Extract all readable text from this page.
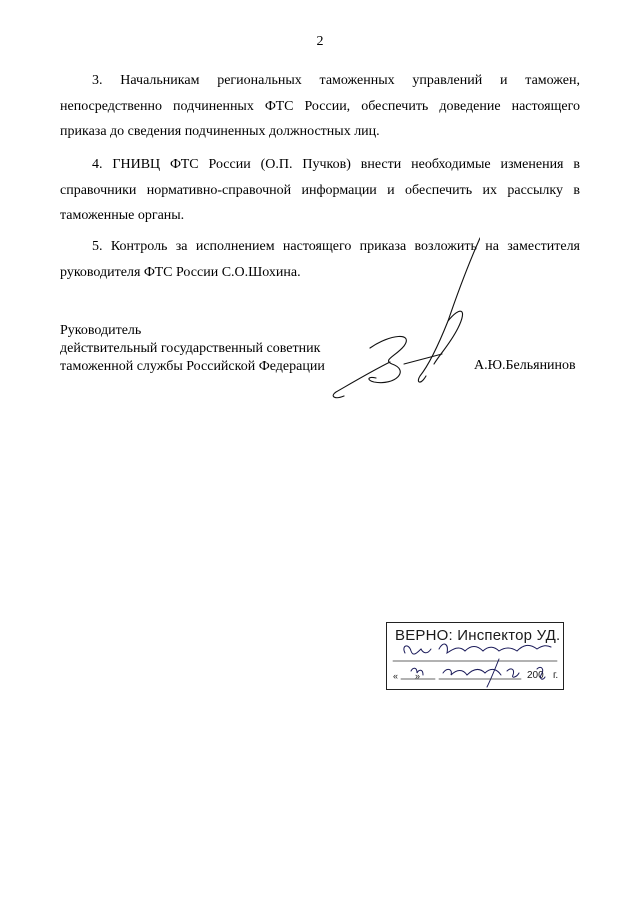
2
3. Начальникам региональных таможенных управлений и таможен, непосредственно подчиненных ФТС России, обеспечить доведение настоящего приказа до сведения подчиненных должностных лиц.
4. ГНИВЦ ФТС России (О.П. Пучков) внести необходимые изменения в справочники нормативно-справочной информации и обеспечить их рассылку в таможенные органы.
5. Контроль за исполнением настоящего приказа возложить на заместителя руководителя ФТС России С.О.Шохина.
Руководитель
действительный государственный советник
таможенной службы Российской Федерации	А.Ю.Бельянинов
ВЕРНО: Инспектор УД.
« »	200 г.
